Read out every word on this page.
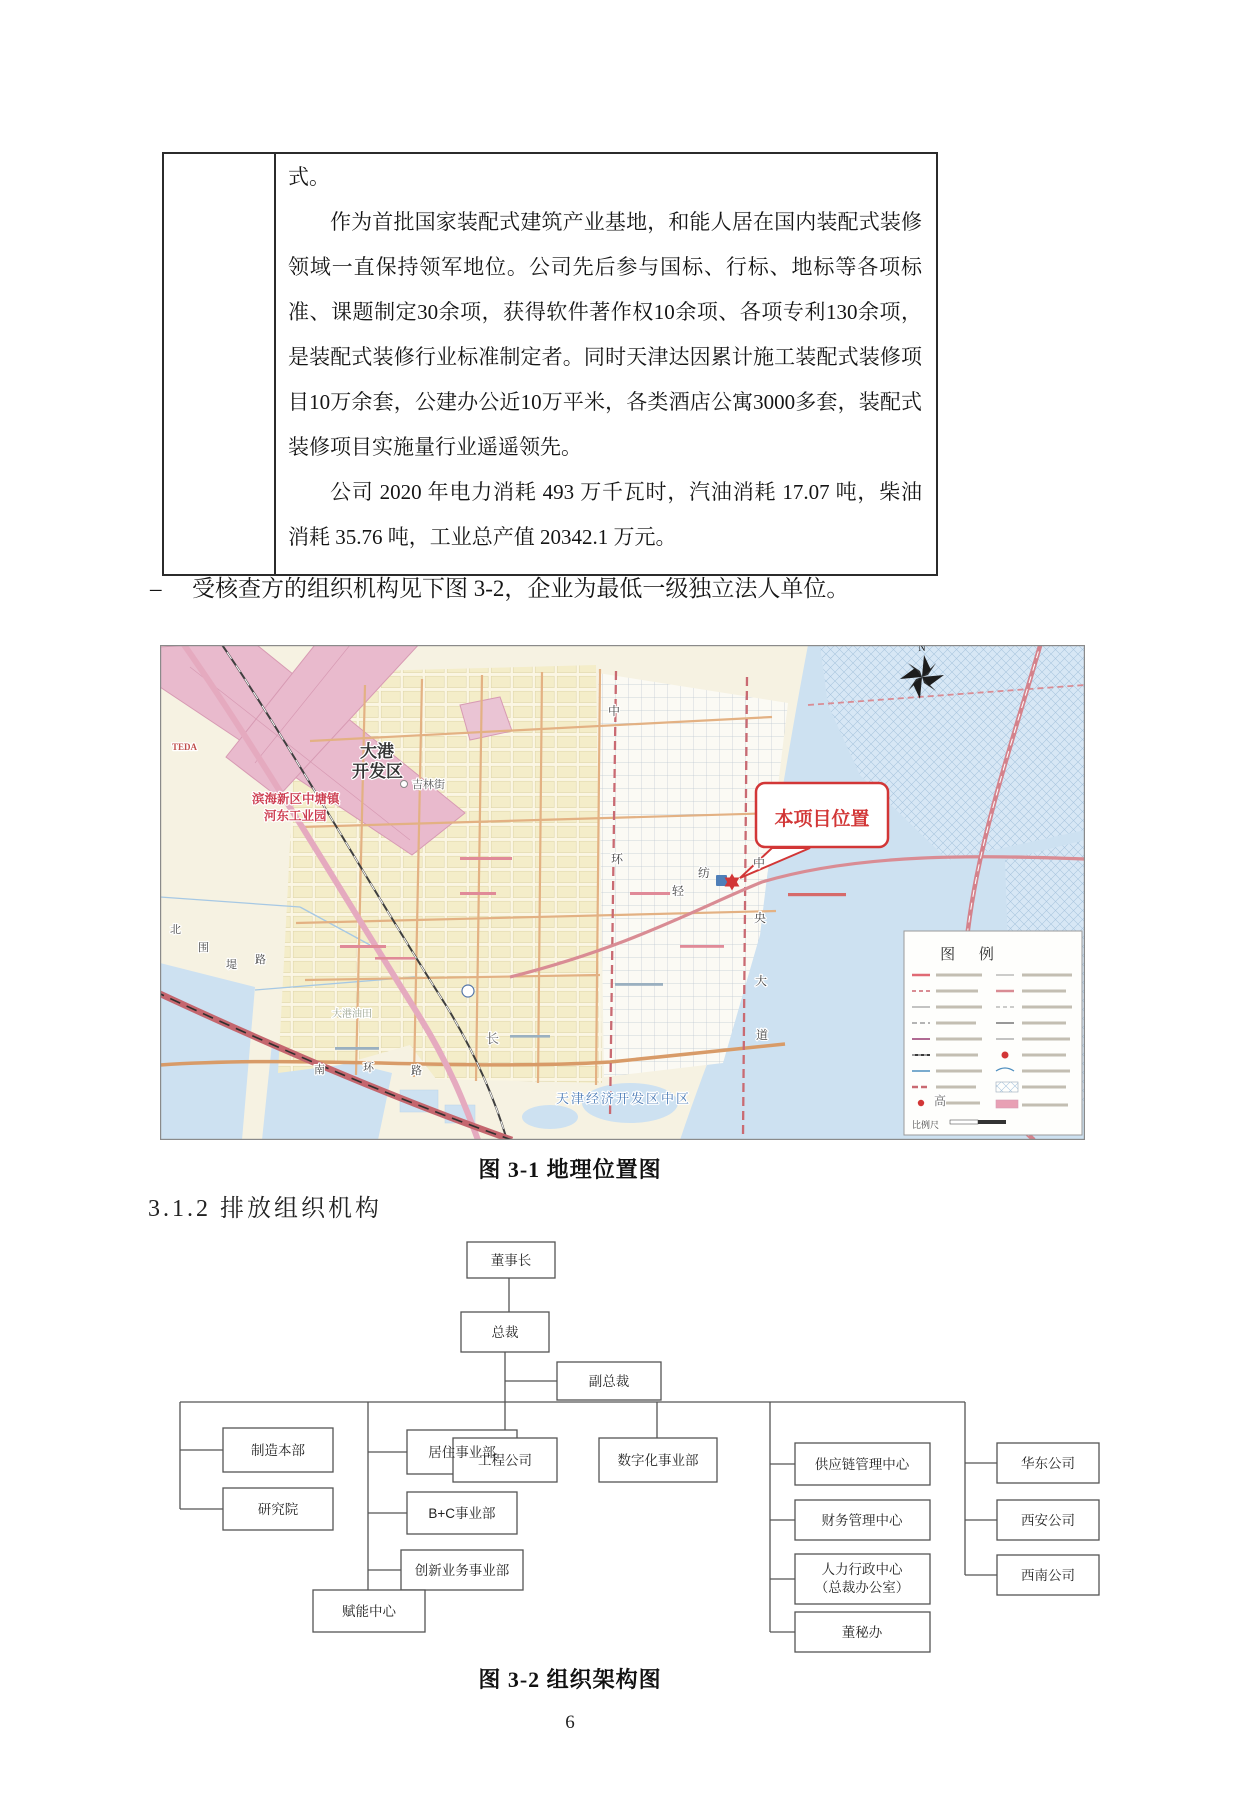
式。

作为首批国家装配式建筑产业基地，和能人居在国内装配式装修领域一直保持领军地位。公司先后参与国标、行标、地标等各项标准、课题制定30余项，获得软件著作权10余项、各项专利130余项，是装配式装修行业标准制定者。同时天津达因累计施工装配式装修项目10万余套，公建办公近10万平米，各类酒店公寓3000多套，装配式装修项目实施量行业遥遥领先。

公司 2020 年电力消耗 493 万千瓦时，汽油消耗 17.07 吨，柴油消耗 35.76 吨，工业总产值 20342.1 万元。

–	受核查方的组织机构见下图 3-2，企业为最低一级独立法人单位。
图 例
比例尺
N
本项目位置
大港
开发区
吉林街
滨海新区中塘镇
河东工业园
TEDA
天津经济开发区中区
中
环
轻
纺
中
央
大
道
南	环	路
北
围
堤 路
长
高
大港油田
图 3-1 地理位置图
3.1.2 排放组织机构
董事长
总裁
副总裁
制造本部
研究院
居住事业部
B+C事业部
创新业务事业部
赋能中心
工程公司	数字化事业部	供应链管理中心
财务管理中心
人力行政中心
（总裁办公室）
董秘办
华东公司
西安公司
西南公司
图 3-2 组织架构图
6
